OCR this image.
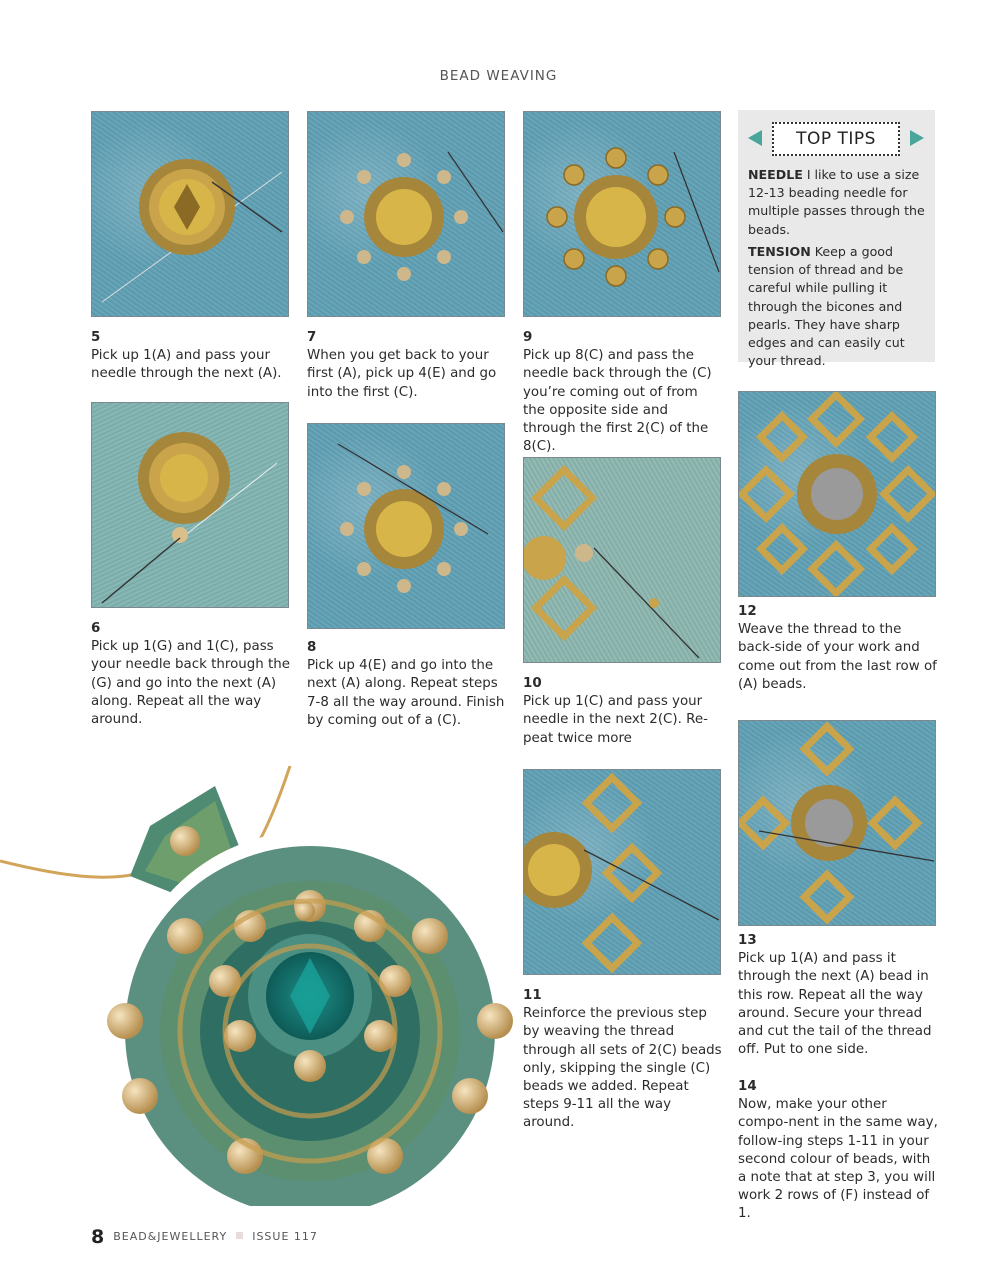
BEAD WEAVING
5
Pick up 1(A) and pass your needle through the next (A).
6
Pick up 1(G) and 1(C), pass your needle back through the (G) and go into the next (A) along. Repeat all the way around.
7
When you get back to your first (A), pick up 4(E) and go into the first (C).
8
Pick up 4(E) and go into the next (A) along. Repeat steps 7-8 all the way around. Finish by coming out of a (C).
9
Pick up 8(C) and pass the needle back through the (C) you’re coming out of from the opposite side and through the first 2(C) of the 8(C).
10
Pick up 1(C) and pass your needle in the next 2(C). Re-peat twice more
11
Reinforce the previous step by weaving the thread through all sets of 2(C) beads only, skipping the single (C) beads we added. Repeat steps 9-11 all the way around.
TOP TIPS
NEEDLE I like to use a size 12-13 beading needle for multiple passes through the beads.
TENSION Keep a good tension of thread and be careful while pulling it through the bicones and pearls. They have sharp edges and can easily cut your thread.
12
Weave the thread to the back-side of your work and come out from the last row of (A) beads.
13
Pick up 1(A) and pass it through the next (A) bead in this row. Repeat all the way around. Secure your thread and cut the tail of the thread off. Put to one side.
14
Now, make your other compo-nent in the same way, follow-ing steps 1-11 in your second colour of beads, with a note that at step 3, you will work 2 rows of (F) instead of 1.
8 BEAD&JEWELLERY ISSUE 117
